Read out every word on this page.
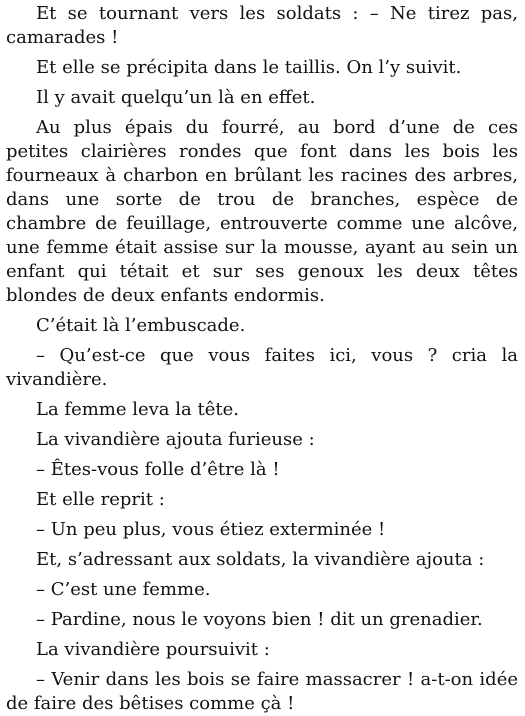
Et se tournant vers les soldats : – Ne tirez pas, camarades !

Et elle se précipita dans le taillis. On l’y suivit.

Il y avait quelqu’un là en effet.

Au plus épais du fourré, au bord d’une de ces petites clairières rondes que font dans les bois les fourneaux à charbon en brûlant les racines des arbres, dans une sorte de trou de branches, espèce de chambre de feuillage, entrouverte comme une alcôve, une femme était assise sur la mousse, ayant au sein un enfant qui tétait et sur ses genoux les deux têtes blondes de deux enfants endormis.

C’était là l’embuscade.

– Qu’est-ce que vous faites ici, vous ? cria la vivandière.

La femme leva la tête.

La vivandière ajouta furieuse :

– Êtes-vous folle d’être là !

Et elle reprit :

– Un peu plus, vous étiez exterminée !

Et, s’adressant aux soldats, la vivandière ajouta :

– C’est une femme.

– Pardine, nous le voyons bien ! dit un grenadier.

La vivandière poursuivit :

– Venir dans les bois se faire massacrer ! a-t-on idée de faire des bêtises comme çà !
